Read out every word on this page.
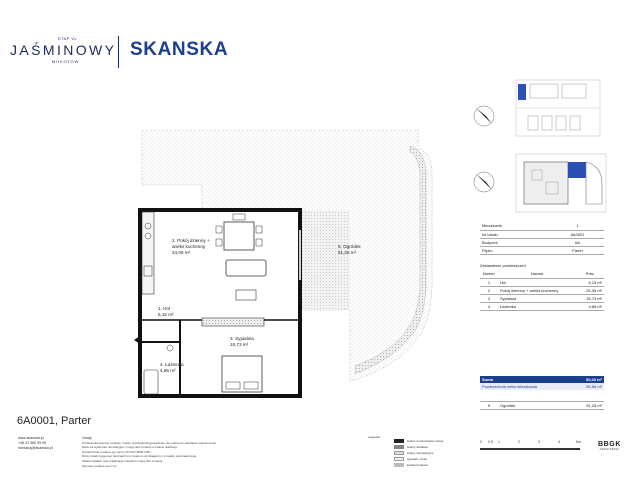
ETAP Vc
JAŚMINOWY
MOKOTÓW
SKANSKA
2. Pokój dzienny +
aneks kuchenny
24,06 m²
1. Hol
5,15 m²
3. Sypialnia
15,73 m²
4. Łazienka
4,66 m²
5. Ogródek
61,26 m²
Mieszkanie	1
Nr lokalu	6A0001
Budynek	6A
Piętro	Parter
Zestawienie pomieszczeń
Numer	Nazwa	Pow.
1	Hol	5,15 m²
2	Pokój dzienny + aneks kuchenny	24,06 m²
3	Sypialnia	15,73 m²
4	Łazienka	4,66 m²
Suma	50,60 m²
Powierzchnia netto mieszkania	50,56 m²
5	Ogródek	61,26 m²
6A0001, Parter
www.skanska.pl
+48 22 560 99 99
mieszkaj@skanska.pl
Uwagi:
Oznaczenia kolorów i funkcje, meble, drzwi/okna/wyposażenie nie należą do standardu wykończenia.
Dane są wyłącznie orientacyjne i mogą ulec zmianie w trakcie realizacji.
Powierzchnie podane wg normy PN-ISO 9836:1997.
Rzuty lokali mogą ulec nieznacznym zmianom wynikającym z projektu wykonawczego.
Układ instalacji oraz lokalizacja urządzeń mogą ulec zmianie.
Wymiary podane są w cm.
Legenda:
ściany w konstrukcji nośnej
ściany działowe
ściany wentylacyjne
ogródek / taras
kostka brukowa
0 0.5 1	2	3	4	5m BBGK
ARCHITEKCI
